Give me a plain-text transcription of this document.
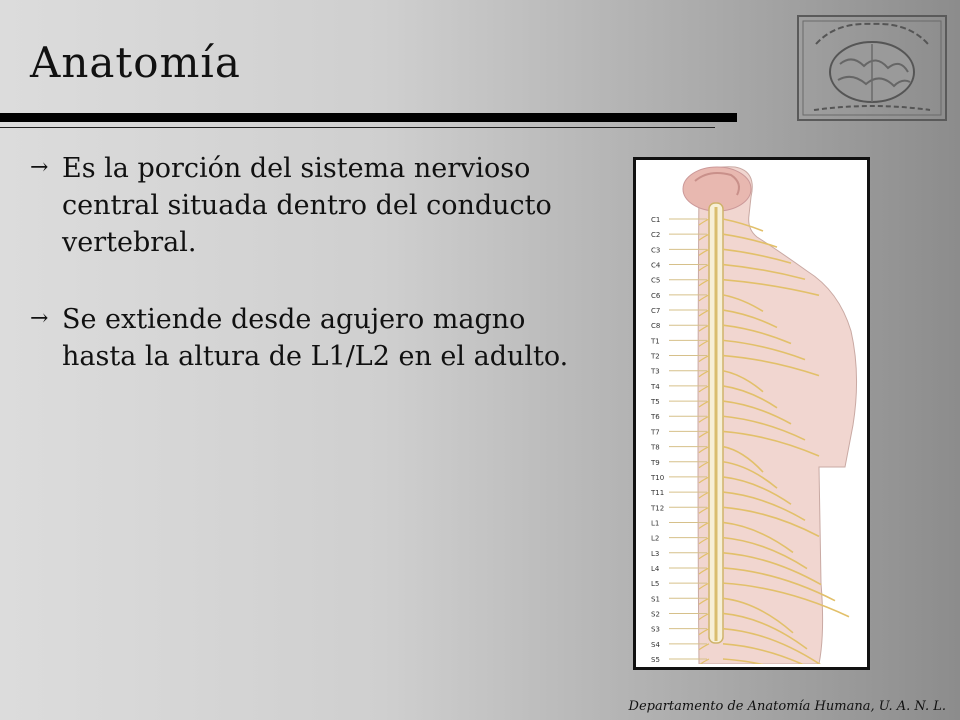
Anatomía
→ Es la porción del sistema nervioso central situada dentro del conducto vertebral.
→ Se extiende desde agujero magno hasta la altura de L1/L2 en el adulto.
C1
C2
C3
C4
C5
C6
C7
C8
T1
T2
T3
T4
T5
T6
T7
T8
T9
T10
T11
T12
L1
L2
L3
L4
L5
S1
S2
S3
S4
S5
Departamento de Anatomía Humana, U. A. N. L.
